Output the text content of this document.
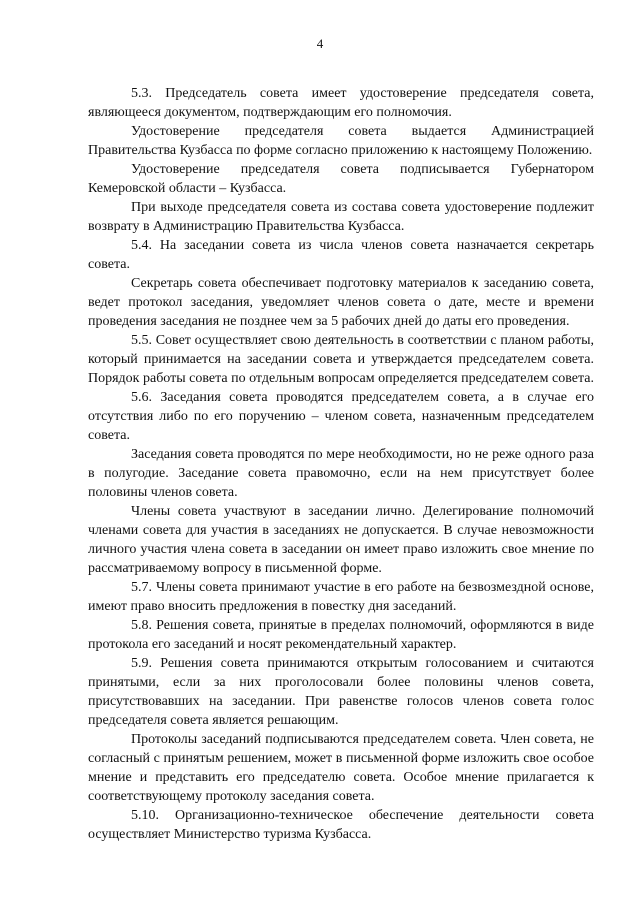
4

5.3. Председатель совета имеет удостоверение председателя совета, являющееся документом, подтверждающим его полномочия.

Удостоверение председателя совета выдается Администрацией Правительства Кузбасса по форме согласно приложению к настоящему Положению.

Удостоверение председателя совета подписывается Губернатором Кемеровской области – Кузбасса.

При выходе председателя совета из состава совета удостоверение подлежит возврату в Администрацию Правительства Кузбасса.

5.4. На заседании совета из числа членов совета назначается секретарь совета.

Секретарь совета обеспечивает подготовку материалов к заседанию совета, ведет протокол заседания, уведомляет членов совета о дате, месте и времени проведения заседания не позднее чем за 5 рабочих дней до даты его проведения.

5.5. Совет осуществляет свою деятельность в соответствии с планом работы, который принимается на заседании совета и утверждается председателем совета. Порядок работы совета по отдельным вопросам определяется председателем совета.

5.6. Заседания совета проводятся председателем совета, а в случае его отсутствия либо по его поручению – членом совета, назначенным председателем совета.

Заседания совета проводятся по мере необходимости, но не реже одного раза в полугодие. Заседание совета правомочно, если на нем присутствует более половины членов совета.

Члены совета участвуют в заседании лично. Делегирование полномочий членами совета для участия в заседаниях не допускается. В случае невозможности личного участия члена совета в заседании он имеет право изложить свое мнение по рассматриваемому вопросу в письменной форме.

5.7. Члены совета принимают участие в его работе на безвозмездной основе, имеют право вносить предложения в повестку дня заседаний.

5.8. Решения совета, принятые в пределах полномочий, оформляются в виде протокола его заседаний и носят рекомендательный характер.

5.9. Решения совета принимаются открытым голосованием и считаются принятыми, если за них проголосовали более половины членов совета, присутствовавших на заседании. При равенстве голосов членов совета голос председателя совета является решающим.

Протоколы заседаний подписываются председателем совета. Член совета, не согласный с принятым решением, может в письменной форме изложить свое особое мнение и представить его председателю совета. Особое мнение прилагается к соответствующему протоколу заседания совета.

5.10. Организационно-техническое обеспечение деятельности совета осуществляет Министерство туризма Кузбасса.
